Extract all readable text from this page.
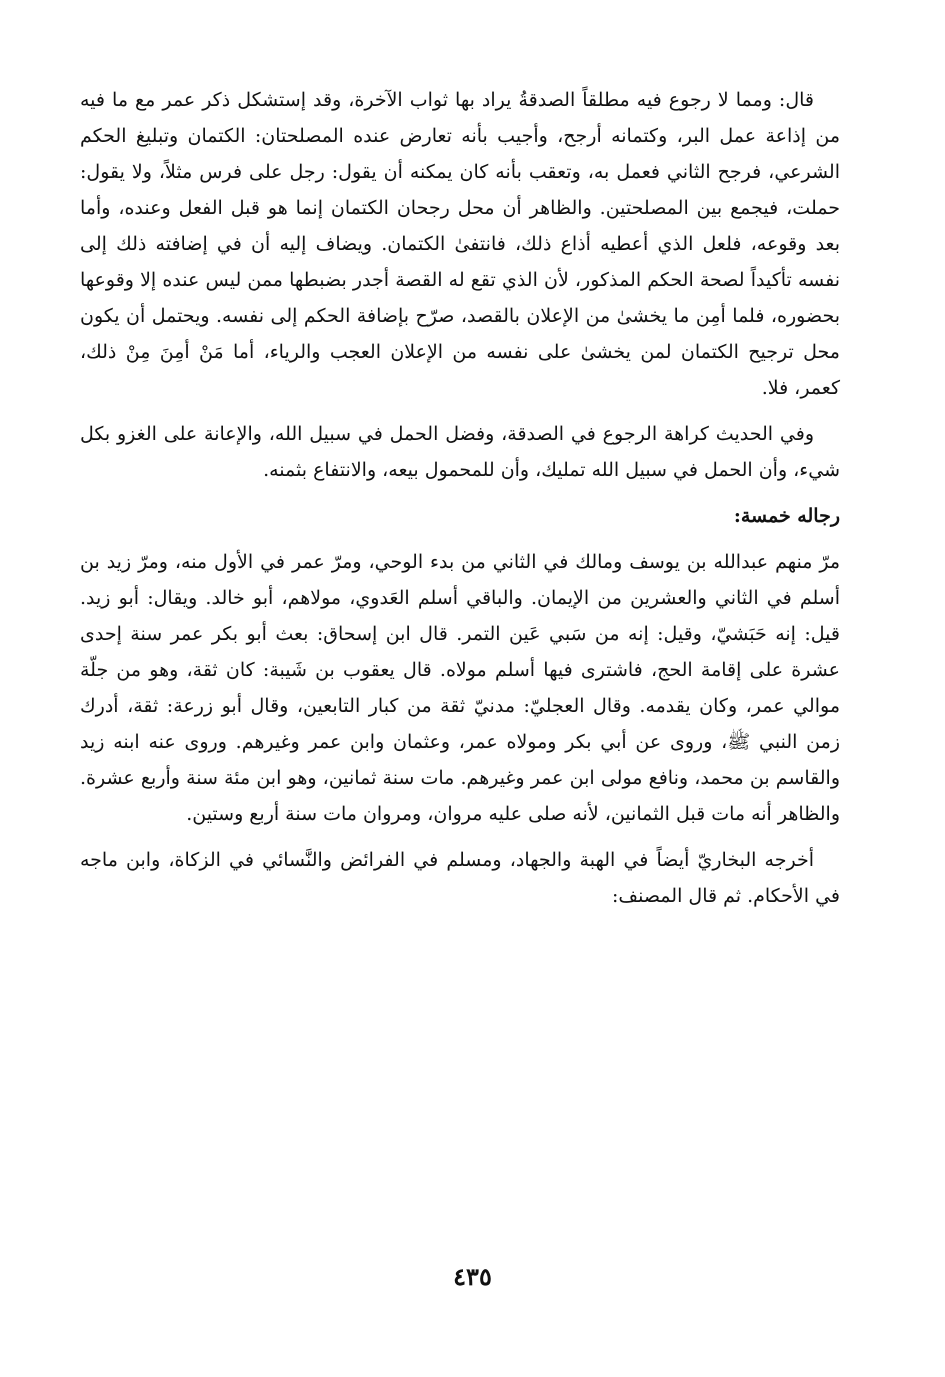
قال: ومما لا رجوع فيه مطلقاً الصدقةُ يراد بها ثواب الآخرة، وقد إستشكل ذكر عمر مع ما فيه من إذاعة عمل البر، وكتمانه أرجح، وأجيب بأنه تعارض عنده المصلحتان: الكتمان وتبليغ الحكم الشرعي، فرجح الثاني فعمل به، وتعقب بأنه كان يمكنه أن يقول: رجل على فرس مثلاً، ولا يقول: حملت، فيجمع بين المصلحتين. والظاهر أن محل رجحان الكتمان إنما هو قبل الفعل وعنده، وأما بعد وقوعه، فلعل الذي أعطيه أذاع ذلك، فانتفىٰ الكتمان. ويضاف إليه أن في إضافته ذلك إلى نفسه تأكيداً لصحة الحكم المذكور، لأن الذي تقع له القصة أجدر بضبطها ممن ليس عنده إلا وقوعها بحضوره، فلما أمِن ما يخشىٰ من الإعلان بالقصد، صرّح بإضافة الحكم إلى نفسه. ويحتمل أن يكون محل ترجيح الكتمان لمن يخشىٰ على نفسه من الإعلان العجب والرياء، أما مَنْ أمِنَ مِنْ ذلك، كعمر، فلا.

وفي الحديث كراهة الرجوع في الصدقة، وفضل الحمل في سبيل الله، والإعانة على الغزو بكل شيء، وأن الحمل في سبيل الله تمليك، وأن للمحمول بيعه، والانتفاع بثمنه.

رجاله خمسة:

مرّ منهم عبدالله بن يوسف ومالك في الثاني من بدء الوحي، ومرّ عمر في الأول منه، ومرّ زيد بن أسلم في الثاني والعشرين من الإيمان. والباقي أسلم العَدوي، مولاهم، أبو خالد. ويقال: أبو زيد. قيل: إنه حَبَشيّ، وقيل: إنه من سَبي عَين التمر. قال ابن إسحاق: بعث أبو بكر عمر سنة إحدى عشرة على إقامة الحج، فاشترى فيها أسلم مولاه. قال يعقوب بن شَيبة: كان ثقة، وهو من جلّة موالي عمر، وكان يقدمه. وقال العجليّ: مدنيّ ثقة من كبار التابعين، وقال أبو زرعة: ثقة، أدرك زمن النبي ﷺ، وروى عن أبي بكر ومولاه عمر، وعثمان وابن عمر وغيرهم. وروى عنه ابنه زيد والقاسم بن محمد، ونافع مولى ابن عمر وغيرهم. مات سنة ثمانين، وهو ابن مئة سنة وأربع عشرة. والظاهر أنه مات قبل الثمانين، لأنه صلى عليه مروان، ومروان مات سنة أربع وستين.

أخرجه البخاريّ أيضاً في الهبة والجهاد، ومسلم في الفرائض والنَّسائي في الزكاة، وابن ماجه في الأحكام. ثم قال المصنف:

٤٣٥
